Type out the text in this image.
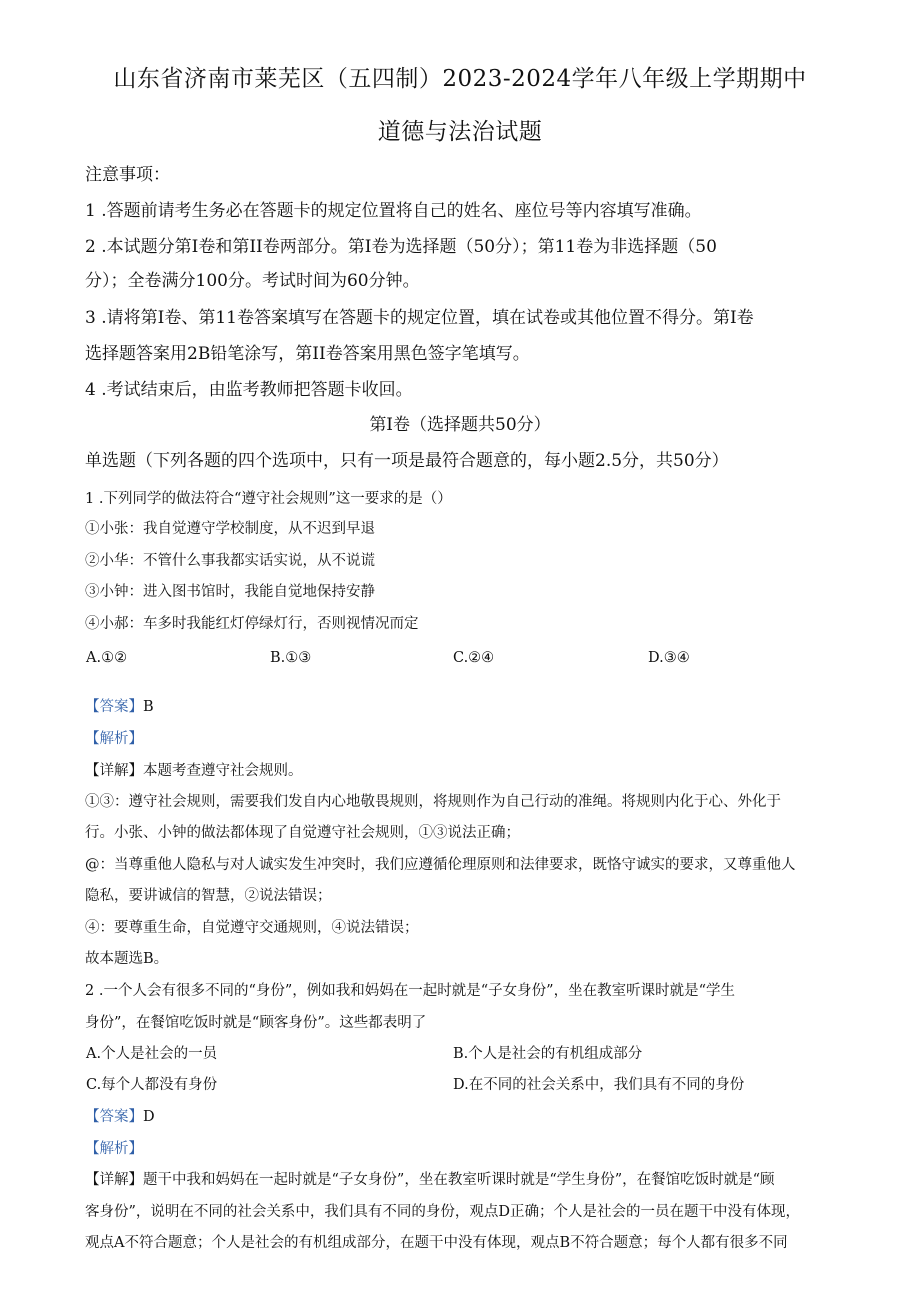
山东省济南市莱芜区（五四制）2023-2024学年八年级上学期期中
道德与法治试题
注意事项：
1 .答题前请考生务必在答题卡的规定位置将自己的姓名、座位号等内容填写准确。
2 .本试题分第I卷和第II卷两部分。第I卷为选择题（50分）；第11卷为非选择题（50
分）；全卷满分100分。考试时间为60分钟。
3 .请将第I卷、第11卷答案填写在答题卡的规定位置，填在试卷或其他位置不得分。第I卷
选择题答案用2B铅笔涂写，第II卷答案用黑色签字笔填写。
4 .考试结束后，由监考教师把答题卡收回。
第I卷（选择题共50分）
单选题（下列各题的四个选项中，只有一项是最符合题意的，每小题2.5分，共50分）
1 .下列同学的做法符合“遵守社会规则”这一要求的是（）
①小张：我自觉遵守学校制度，从不迟到早退
②小华：不管什么事我都实话实说，从不说谎
③小钟：进入图书馆时，我能自觉地保持安静
④小郝：车多时我能红灯停绿灯行，否则视情况而定
A.①②	B.①③	C.②④	D.③④
【答案】B
【解析】
【详解】本题考查遵守社会规则。
①③：遵守社会规则，需要我们发自内心地敬畏规则，将规则作为自己行动的准绳。将规则内化于心、外化于
行。小张、小钟的做法都体现了自觉遵守社会规则，①③说法正确；
@：当尊重他人隐私与对人诚实发生冲突时，我们应遵循伦理原则和法律要求，既恪守诚实的要求，又尊重他人
隐私，要讲诚信的智慧，②说法错误；
④：要尊重生命，自觉遵守交通规则，④说法错误；
故本题选B。
2 .一个人会有很多不同的“身份”，例如我和妈妈在一起时就是“子女身份”，坐在教室听课时就是“学生
身份”，在餐馆吃饭时就是“顾客身份”。这些都表明了
A.个人是社会的一员	B.个人是社会的有机组成部分
C.每个人都没有身份	D.在不同的社会关系中，我们具有不同的身份
【答案】D
【解析】
【详解】题干中我和妈妈在一起时就是“子女身份”，坐在教室听课时就是“学生身份”，在餐馆吃饭时就是“顾
客身份”，说明在不同的社会关系中，我们具有不同的身份，观点D正确；个人是社会的一员在题干中没有体现，
观点A不符合题意；个人是社会的有机组成部分，在题干中没有体现，观点B不符合题意；每个人都有很多不同
